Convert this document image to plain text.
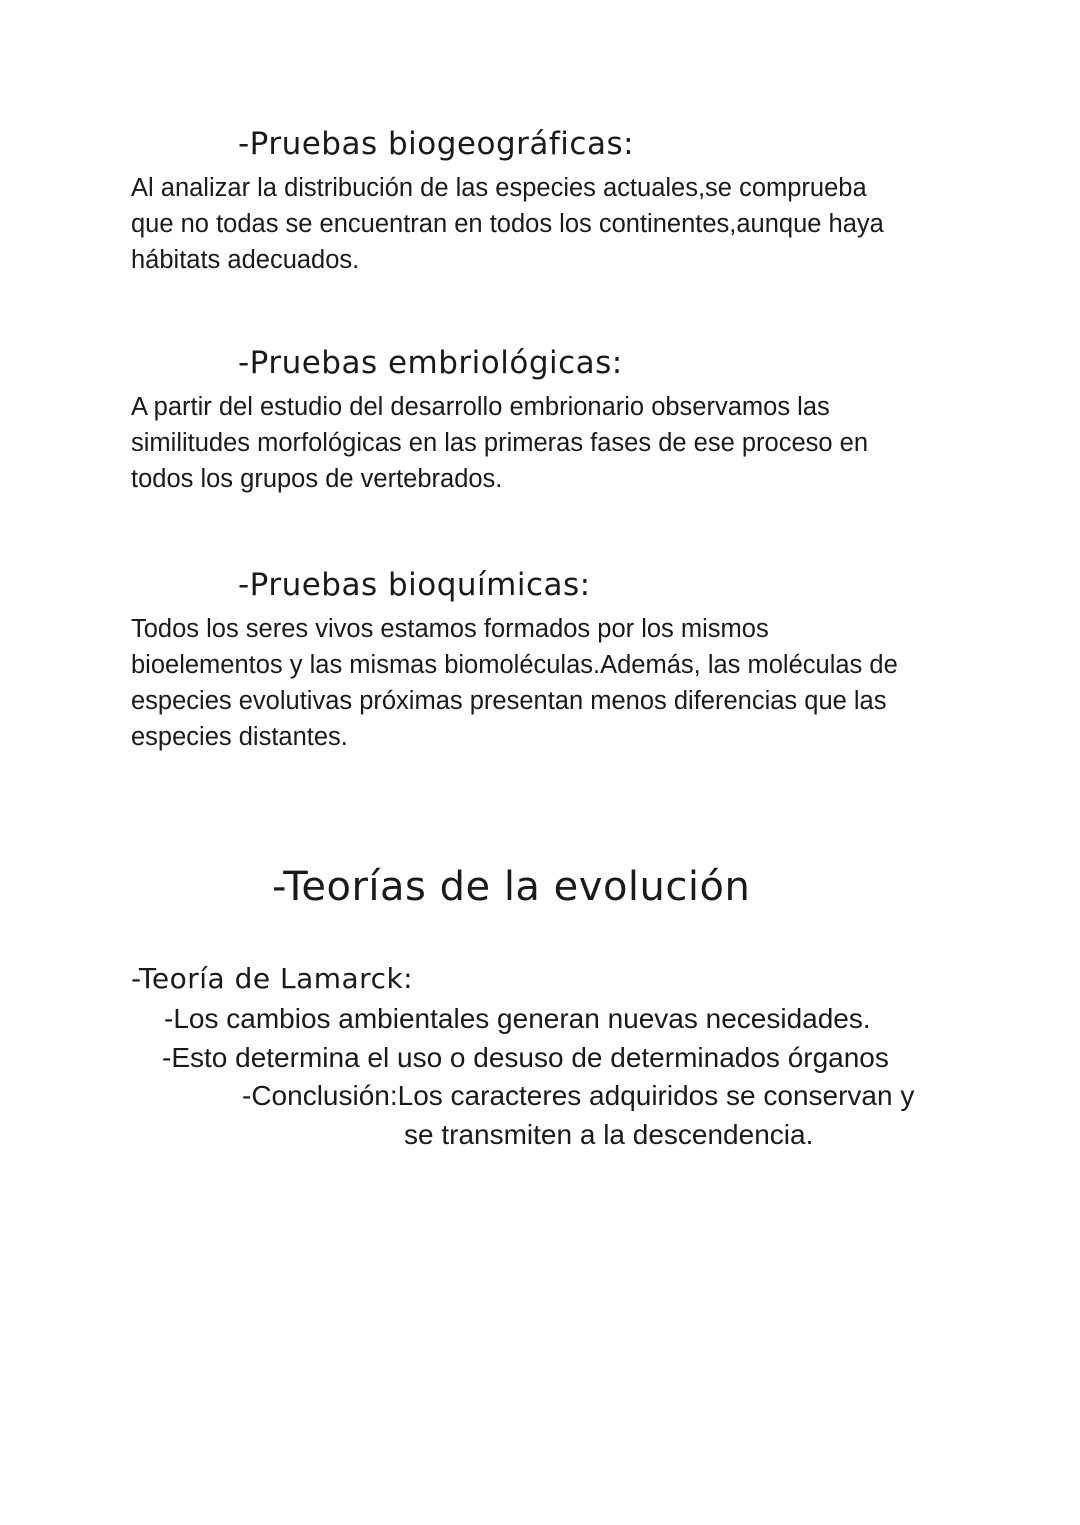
-Pruebas biogeográficas:

Al analizar la distribución de las especies actuales,se comprueba
que no todas se encuentran en todos los continentes,aunque haya
hábitats adecuados.

-Pruebas embriológicas:

A partir del estudio del desarrollo embrionario observamos las
similitudes morfológicas en las primeras fases de ese proceso en
todos los grupos de vertebrados.

-Pruebas bioquímicas:

Todos los seres vivos estamos formados por los mismos
bioelementos y las mismas biomoléculas.Además, las moléculas de
especies evolutivas próximas presentan menos diferencias que las
especies distantes.

-Teorías de la evolución
-Teoría de Lamarck:

-Los cambios ambientales generan nuevas necesidades.

-Esto determina el uso o desuso de determinados órganos

-Conclusión:Los caracteres adquiridos se conservan y

se transmiten a la descendencia.
